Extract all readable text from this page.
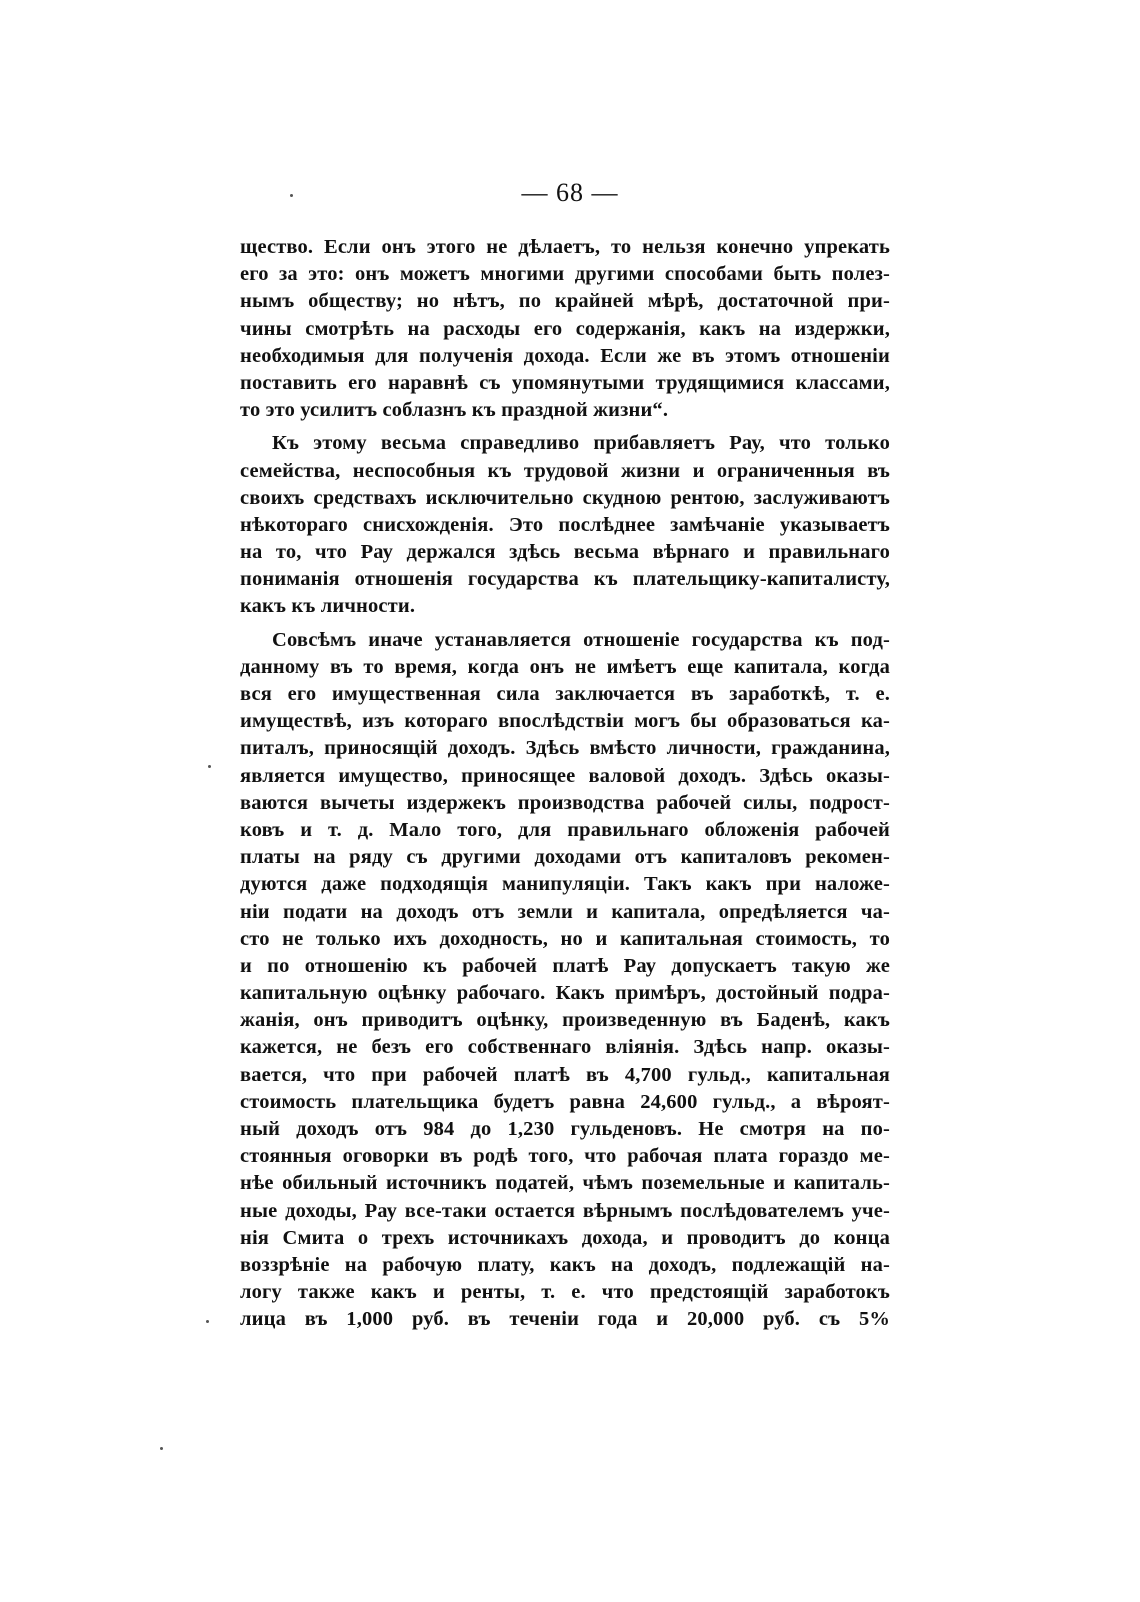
— 68 —
щество. Если онъ этого не дѣлаетъ, то нельзя конечно упрекать
его за это: онъ можетъ многими другими способами быть полез-
нымъ обществу; но нѣтъ, по крайней мѣрѣ, достаточной при-
чины смотрѣть на расходы его содержанія, какъ на издержки,
необходимыя для полученія дохода. Если же въ этомъ отношеніи
поставить его наравнѣ съ упомянутыми трудящимися классами,
то это усилитъ соблазнъ къ праздной жизни“.
Къ этому весьма справедливо прибавляетъ Рау, что только
семейства, неспособныя къ трудовой жизни и ограниченныя въ
своихъ средствахъ исключительно скудною рентою, заслуживаютъ
нѣкотораго снисхожденія. Это послѣднее замѣчаніе указываетъ
на то, что Рау держался здѣсь весьма вѣрнаго и правильнаго
пониманія отношенія государства къ плательщику-капиталисту,
какъ къ личности.
Совсѣмъ иначе устанавляется отношеніе государства къ под-
данному въ то время, когда онъ не имѣетъ еще капитала, когда
вся его имущественная сила заключается въ заработкѣ, т. е.
имуществѣ, изъ котораго впослѣдствіи могъ бы образоваться ка-
питалъ, приносящій доходъ. Здѣсь вмѣсто личности, гражданина,
является имущество, приносящее валовой доходъ. Здѣсь оказы-
ваются вычеты издержекъ производства рабочей силы, подрост-
ковъ и т. д. Мало того, для правильнаго обложенія рабочей
платы на ряду съ другими доходами отъ капиталовъ рекомен-
дуются даже подходящія манипуляціи. Такъ какъ при наложе-
ніи подати на доходъ отъ земли и капитала, опредѣляется ча-
сто не только ихъ доходность, но и капитальная стоимость, то
и по отношенію къ рабочей платѣ Рау допускаетъ такую же
капитальную оцѣнку рабочаго. Какъ примѣръ, достойный подра-
жанія, онъ приводитъ оцѣнку, произведенную въ Баденѣ, какъ
кажется, не безъ его собственнаго вліянія. Здѣсь напр. оказы-
вается, что при рабочей платѣ въ 4,700 гульд., капитальная
стоимость плательщика будетъ равна 24,600 гульд., а вѣроят-
ный доходъ отъ 984 до 1,230 гульденовъ. Не смотря на по-
стоянныя оговорки въ родѣ того, что рабочая плата гораздо ме-
нѣе обильный источникъ податей, чѣмъ поземельные и капиталь-
ные доходы, Рау все-таки остается вѣрнымъ послѣдователемъ уче-
нія Смита о трехъ источникахъ дохода, и проводитъ до конца
воззрѣніе на рабочую плату, какъ на доходъ, подлежащій на-
логу также какъ и ренты, т. е. что предстоящій заработокъ
лица въ 1,000 руб. въ теченіи года и 20,000 руб. съ 5%
